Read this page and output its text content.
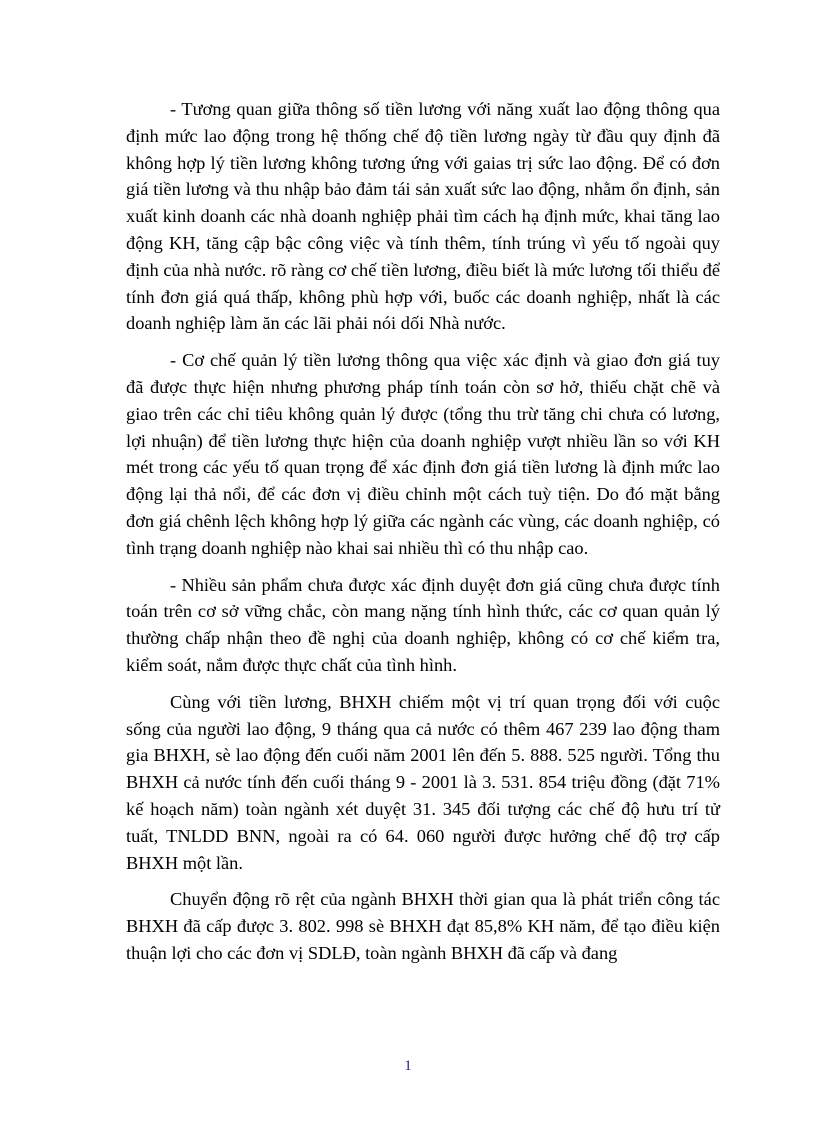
- Tương quan giữa thông số tiền lương với năng xuất lao động thông qua định mức lao động trong hệ thống chế độ tiền lương ngày từ đầu quy định đã không hợp lý tiền lương không tương ứng với gaias trị sức lao động. Để có đơn giá tiền lương và thu nhập bảo đảm tái sản xuất sức lao động, nhằm ổn định, sản xuất kinh doanh các nhà doanh nghiệp phải tìm cách hạ định mức, khai tăng lao động KH, tăng cập bậc công việc và tính thêm, tính trúng vì yếu tố ngoài quy định của nhà nước. rõ ràng cơ chế tiền lương, điều biết là mức lương tối thiểu để tính đơn giá quá thấp, không phù hợp với, buốc các doanh nghiệp, nhất là các doanh nghiệp làm ăn các lãi phải nói dối Nhà nước.

- Cơ chế quản lý tiền lương thông qua việc xác định và giao đơn giá tuy đã được thực hiện nhưng phương pháp tính toán còn sơ hở, thiếu chặt chẽ và giao trên các chỉ tiêu không quản lý được (tổng thu trừ tăng chi chưa có lương, lợi nhuận) để tiền lương thực hiện của doanh nghiệp vượt nhiều lần so với KH mét trong các yếu tố quan trọng để xác định đơn giá tiền lương là định mức lao động lại thả nổi, để các đơn vị điều chỉnh một cách tuỳ tiện. Do đó mặt bằng đơn giá chênh lệch không hợp lý giữa các ngành các vùng, các doanh nghiệp, có tình trạng doanh nghiệp nào khai sai nhiều thì có thu nhập cao.

- Nhiều sản phẩm chưa được xác định duyệt đơn giá cũng chưa được tính toán trên cơ sở vững chắc, còn mang nặng tính hình thức, các cơ quan quản lý thường chấp nhận theo đề nghị của doanh nghiệp, không có cơ chế kiểm tra, kiểm soát, nắm được thực chất của tình hình.

Cùng với tiền lương, BHXH chiếm một vị trí quan trọng đối với cuộc sống của người lao động, 9 tháng qua cả nước có thêm 467 239 lao động tham gia BHXH, sè lao động đến cuối năm 2001 lên đến 5. 888. 525 người. Tổng thu BHXH cả nước tính đến cuối tháng 9 - 2001 là 3. 531. 854 triệu đồng (đặt 71% kế hoạch năm) toàn ngành xét duyệt 31. 345 đối tượng các chế độ hưu trí tử tuất, TNLDD BNN, ngoài ra có 64. 060 người được hưởng chế độ trợ cấp BHXH một lần.

Chuyển động rõ rệt của ngành BHXH thời gian qua là phát triển công tác BHXH đã cấp được 3. 802. 998 sè BHXH đạt 85,8% KH năm, để tạo điều kiện thuận lợi cho các đơn vị SDLĐ, toàn ngành BHXH đã cấp và đang

1
